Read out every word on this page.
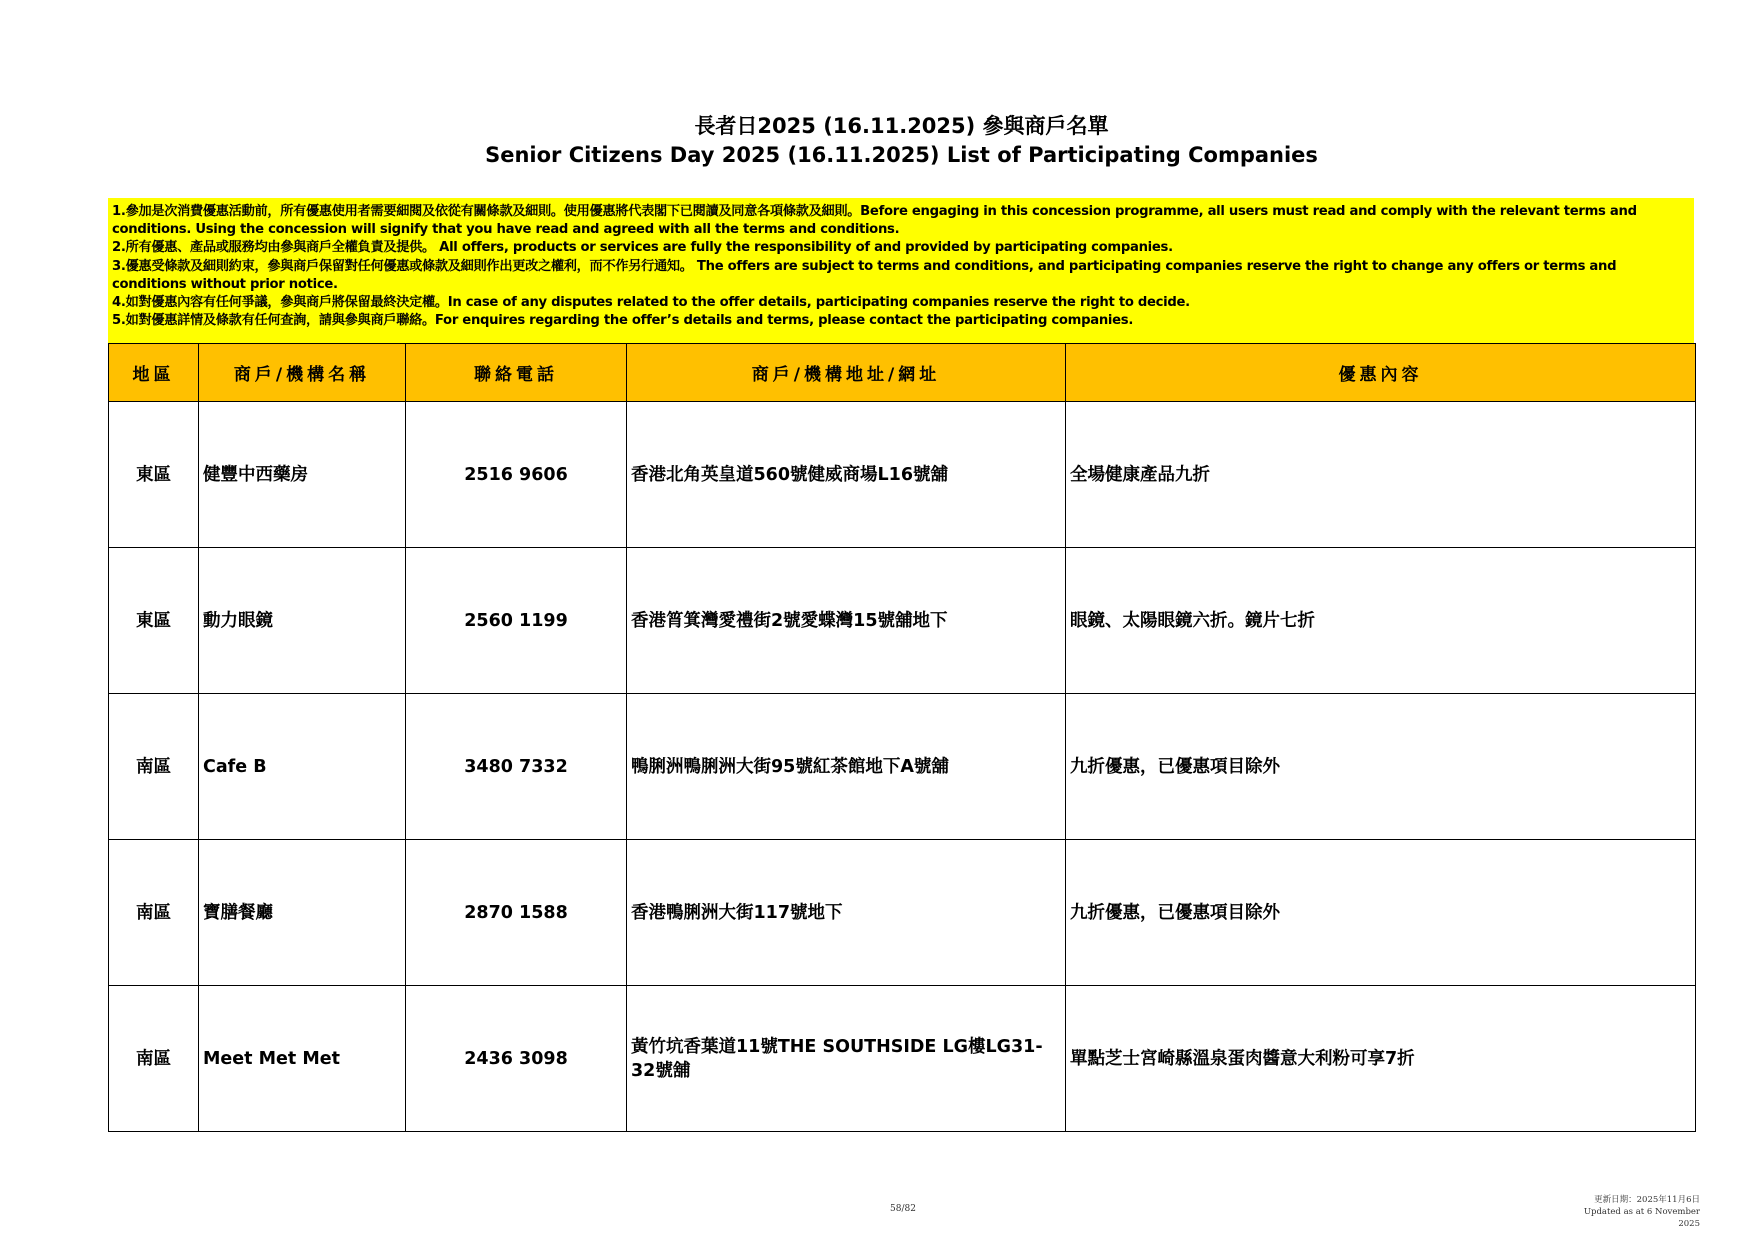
長者日2025 (16.11.2025) 參與商戶名單
Senior Citizens Day 2025 (16.11.2025) List of Participating Companies
1.參加是次消費優惠活動前，所有優惠使用者需要細閱及依從有關條款及細則。使用優惠將代表閣下已閱讀及同意各項條款及細則。Before engaging in this concession programme, all users must read and comply with the relevant terms and conditions. Using the concession will signify that you have read and agreed with all the terms and conditions.
2.所有優惠、產品或服務均由參與商戶全權負責及提供。 All offers, products or services are fully the responsibility of and provided by participating companies.
3.優惠受條款及細則約束，參與商戶保留對任何優惠或條款及細則作出更改之權利，而不作另行通知。 The offers are subject to terms and conditions, and participating companies reserve the right to change any offers or terms and conditions without prior notice.
4.如對優惠內容有任何爭議，參與商戶將保留最終決定權。In case of any disputes related to the offer details, participating companies reserve the right to decide.
5.如對優惠詳情及條款有任何查詢，請與參與商戶聯絡。For enquires regarding the offer’s details and terms, please contact the participating companies.
地區	商戶/機構名稱	聯絡電話	商戶/機構地址/網址	優惠內容
東區	健豐中西藥房	2516 9606	香港北角英皇道560號健威商場L16號舖	全場健康產品九折
東區	動力眼鏡	2560 1199	香港筲箕灣愛禮街2號愛蝶灣15號舖地下	眼鏡、太陽眼鏡六折。鏡片七折
南區	Cafe B	3480 7332	鴨脷洲鴨脷洲大街95號紅茶館地下A號舖	九折優惠，已優惠項目除外
南區	寶膳餐廳	2870 1588	香港鴨脷洲大街117號地下	九折優惠，已優惠項目除外
南區	Meet Met Met	2436 3098	黃竹坑香葉道11號THE SOUTHSIDE LG樓LG31-32號舖	單點芝士宮崎縣溫泉蛋肉醬意大利粉可享7折
58/82
更新日期：2025年11月6日
Updated as at 6 November 2025
